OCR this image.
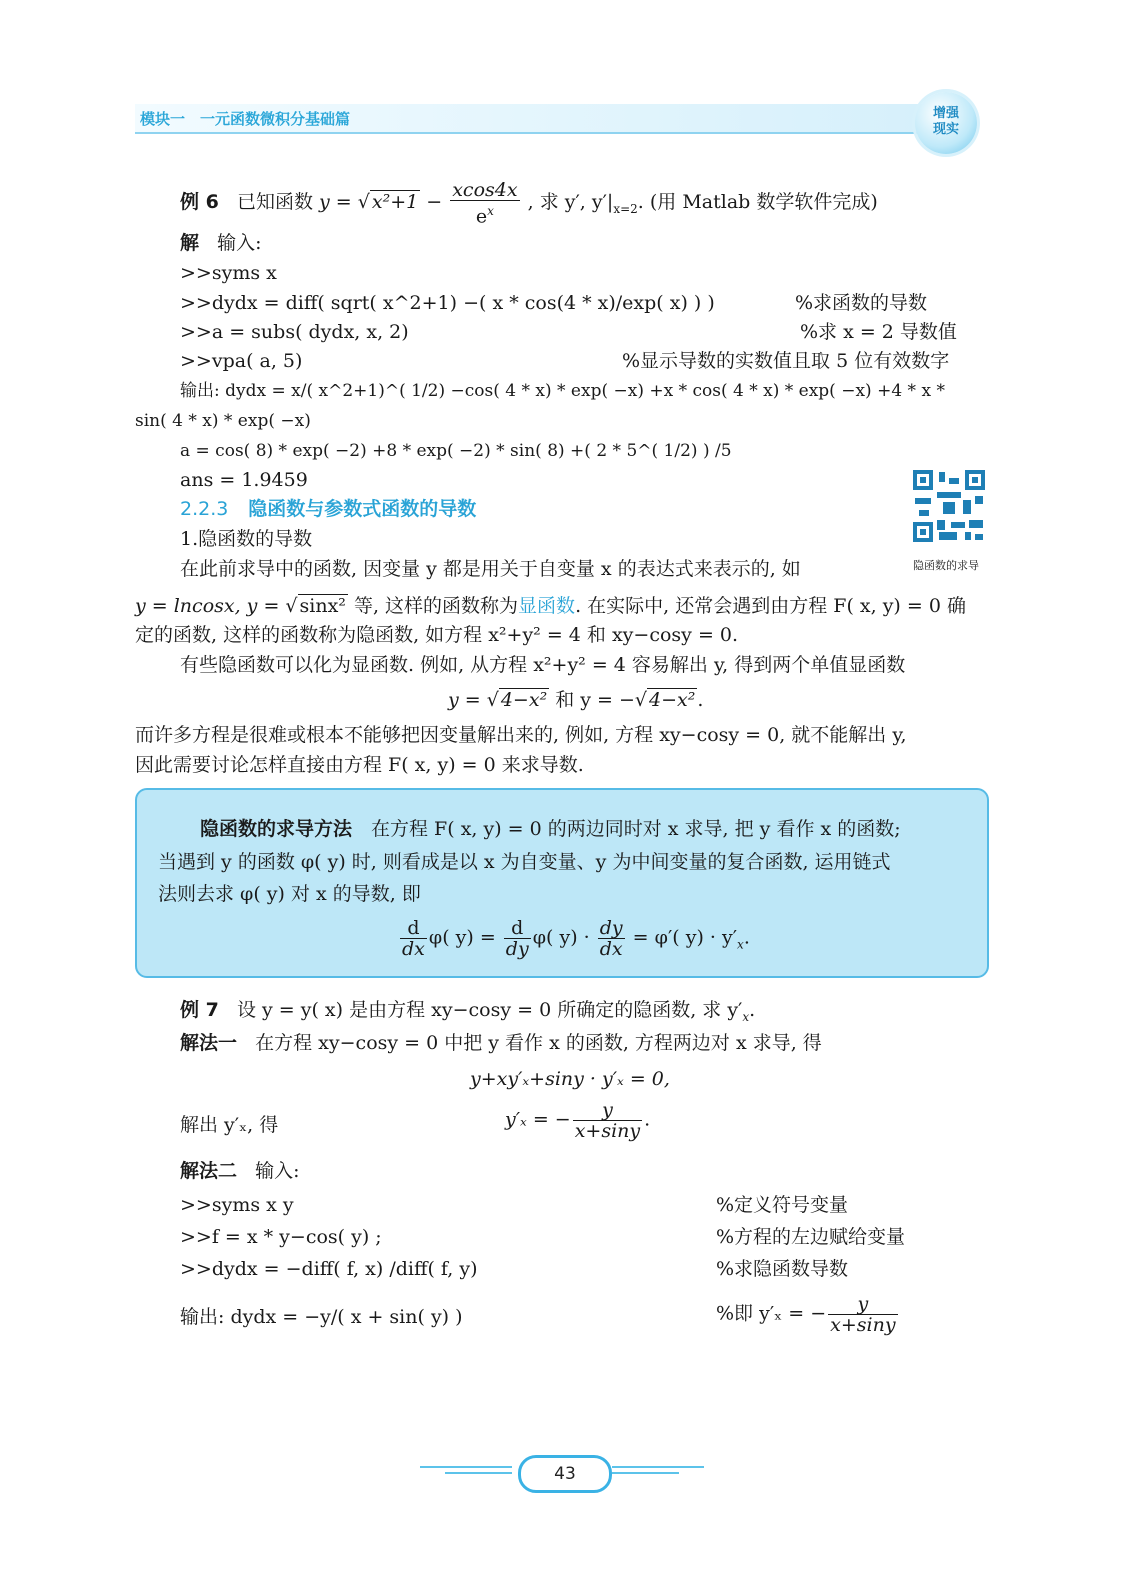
模块一　一元函数微积分基础篇	增强
现实
例 6 已知函数 y = √ $x^2+1 - \frac{xcos4x}{e^x}$ , 求 y′, $y'|_{x=2}$. (用 Matlab 数学软件完成)
解 输入:
>>syms x
>>dydx = diff( sqrt( x^2+1) −( x * cos(4 * x)/exp( x) ) )	%求函数的导数
>>a = subs( dydx, x, 2)	%求 x = 2 导数值
>>vpa( a, 5)	%显示导数的实数值且取 5 位有效数字
输出: dydx = x/( x^2+1)^( 1/2) −cos( 4 * x) * exp( −x) +x * cos( 4 * x) * exp( −x) +4 * x *
sin( 4 * x) * exp( −x)
a = cos( 8) * exp( −2) +8 * exp( −2) * sin( 8) +( 2 * 5^( 1/2) ) /5
ans = 1.9459
2.2.3 隐函数与参数式函数的导数
1.隐函数的导数
隐函数的求导
在此前求导中的函数, 因变量 y 都是用关于自变量 x 的表达式来表示的, 如
y = lncosx, y = √ sinx² 等, 这样的函数称为显函数. 在实际中, 还常会遇到由方程 F( x, y) = 0 确
定的函数, 这样的函数称为隐函数, 如方程 x²+y² = 4 和 xy−cosy = 0.
有些隐函数可以化为显函数. 例如, 从方程 x²+y² = 4 容易解出 y, 得到两个单值显函数
y = √ 4−x² 和 y = −√ 4−x² .
而许多方程是很难或根本不能够把因变量解出来的, 例如, 方程 xy−cosy = 0, 就不能解出 y,
因此需要讨论怎样直接由方程 F( x, y) = 0 来求导数.
隐函数的求导方法　在方程 F( x, y) = 0 的两边同时对 x 求导, 把 y 看作 x 的函数;
当遇到 y 的函数 φ( y) 时, 则看成是以 x 为自变量、y 为中间变量的复合函数, 运用链式
法则去求 φ( y) 对 x 的导数, 即
$\frac{d}{dx} \varphi$( $y) = \frac{d}{dy} \varphi$( $y) \cdot \frac{dy}{dx} = \varphi'$( $y) \cdot y'_x$.
例 7 设 y = y( x) 是由方程 xy−cosy = 0 所确定的隐函数, 求 $y'_x$.
解法一 在方程 xy−cosy = 0 中把 y 看作 x 的函数, 方程两边对 x 求导, 得
y+xy′ₓ+siny · y′ₓ = 0,
解出 y′ₓ, 得	y′ₓ = − $\frac{y}{x+\sin y}$ .
解法二 输入:
>>syms x y	%定义符号变量
>>f = x * y−cos( y) ;	%方程的左边赋给变量
>>dydx = −diff( f, x) /diff( f, y)	%求隐函数导数
输出: dydx = −y/( x + sin( y) )	%即 y′ₓ = − $\frac{y}{x+\sin y}$
43
